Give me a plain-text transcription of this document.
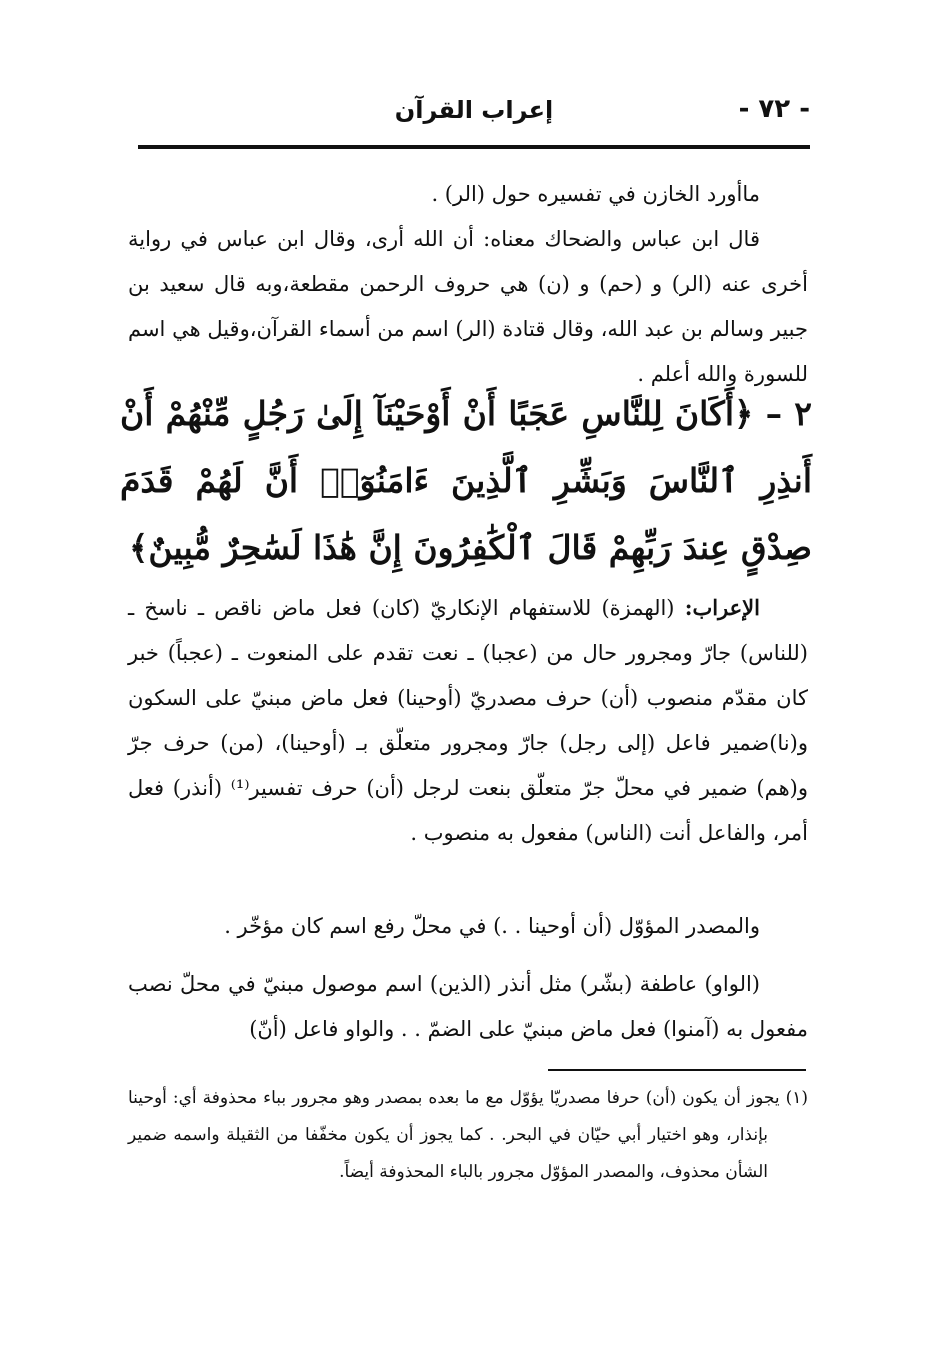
- ٧٢ -
إعراب القرآن

ماأورد الخازن في تفسيره حول (الر) .

قال ابن عباس والضحاك معناه: أن الله أرى، وقال ابن عباس في رواية أخرى عنه (الر) و (حم) و (ن) هي حروف الرحمن مقطعة،وبه قال سعيد بن جبير وسالم بن عبد الله، وقال قتادة (الر) اسم من أسماء القرآن،وقيل هي اسم للسورة والله أعلم .

٢ – ﴿أَكَانَ لِلنَّاسِ عَجَبًا أَنْ أَوْحَيْنَآ إِلَىٰ رَجُلٍ مِّنْهُمْ أَنْ أَنذِرِ ٱلنَّاسَ وَبَشِّرِ ٱلَّذِينَ ءَامَنُوٓا۟ أَنَّ لَهُمْ قَدَمَ صِدْقٍ عِندَ رَبِّهِمْ قَالَ ٱلْكَٰفِرُونَ إِنَّ هَٰذَا لَسَٰحِرٌ مُّبِينٌ﴾

الإعراب: (الهمزة) للاستفهام الإنكاريّ (كان) فعل ماض ناقص ـ ناسخ ـ (للناس) جارّ ومجرور حال من (عجبا) ـ نعت تقدم على المنعوت ـ (عجباً) خبر كان مقدّم منصوب (أن) حرف مصدريّ (أوحينا) فعل ماض مبنيّ على السكون و(نا)ضمير فاعل (إلى رجل) جارّ ومجرور متعلّق بـ (أوحينا)، (من) حرف جرّ و(هم) ضمير في محلّ جرّ متعلّق بنعت لرجل (أن) حرف تفسير⁽¹⁾ (أنذر) فعل أمر، والفاعل أنت (الناس) مفعول به منصوب .

والمصدر المؤوّل (أن أوحينا . .) في محلّ رفع اسم كان مؤخّر .

(الواو) عاطفة (بشّر) مثل أنذر (الذين) اسم موصول مبنيّ في محلّ نصب مفعول به (آمنوا) فعل ماض مبنيّ على الضمّ . . والواو فاعل (أنّ)

(١) يجوز أن يكون (أن) حرفا مصدريّا يؤوّل مع ما بعده بمصدر وهو مجرور بباء محذوفة أي: أوحينا بإنذار، وهو اختيار أبي حيّان في البحر. . كما يجوز أن يكون مخفّفا من الثقيلة واسمه ضمير الشأن محذوف، والمصدر المؤوّل مجرور بالباء المحذوفة أيضاً.
